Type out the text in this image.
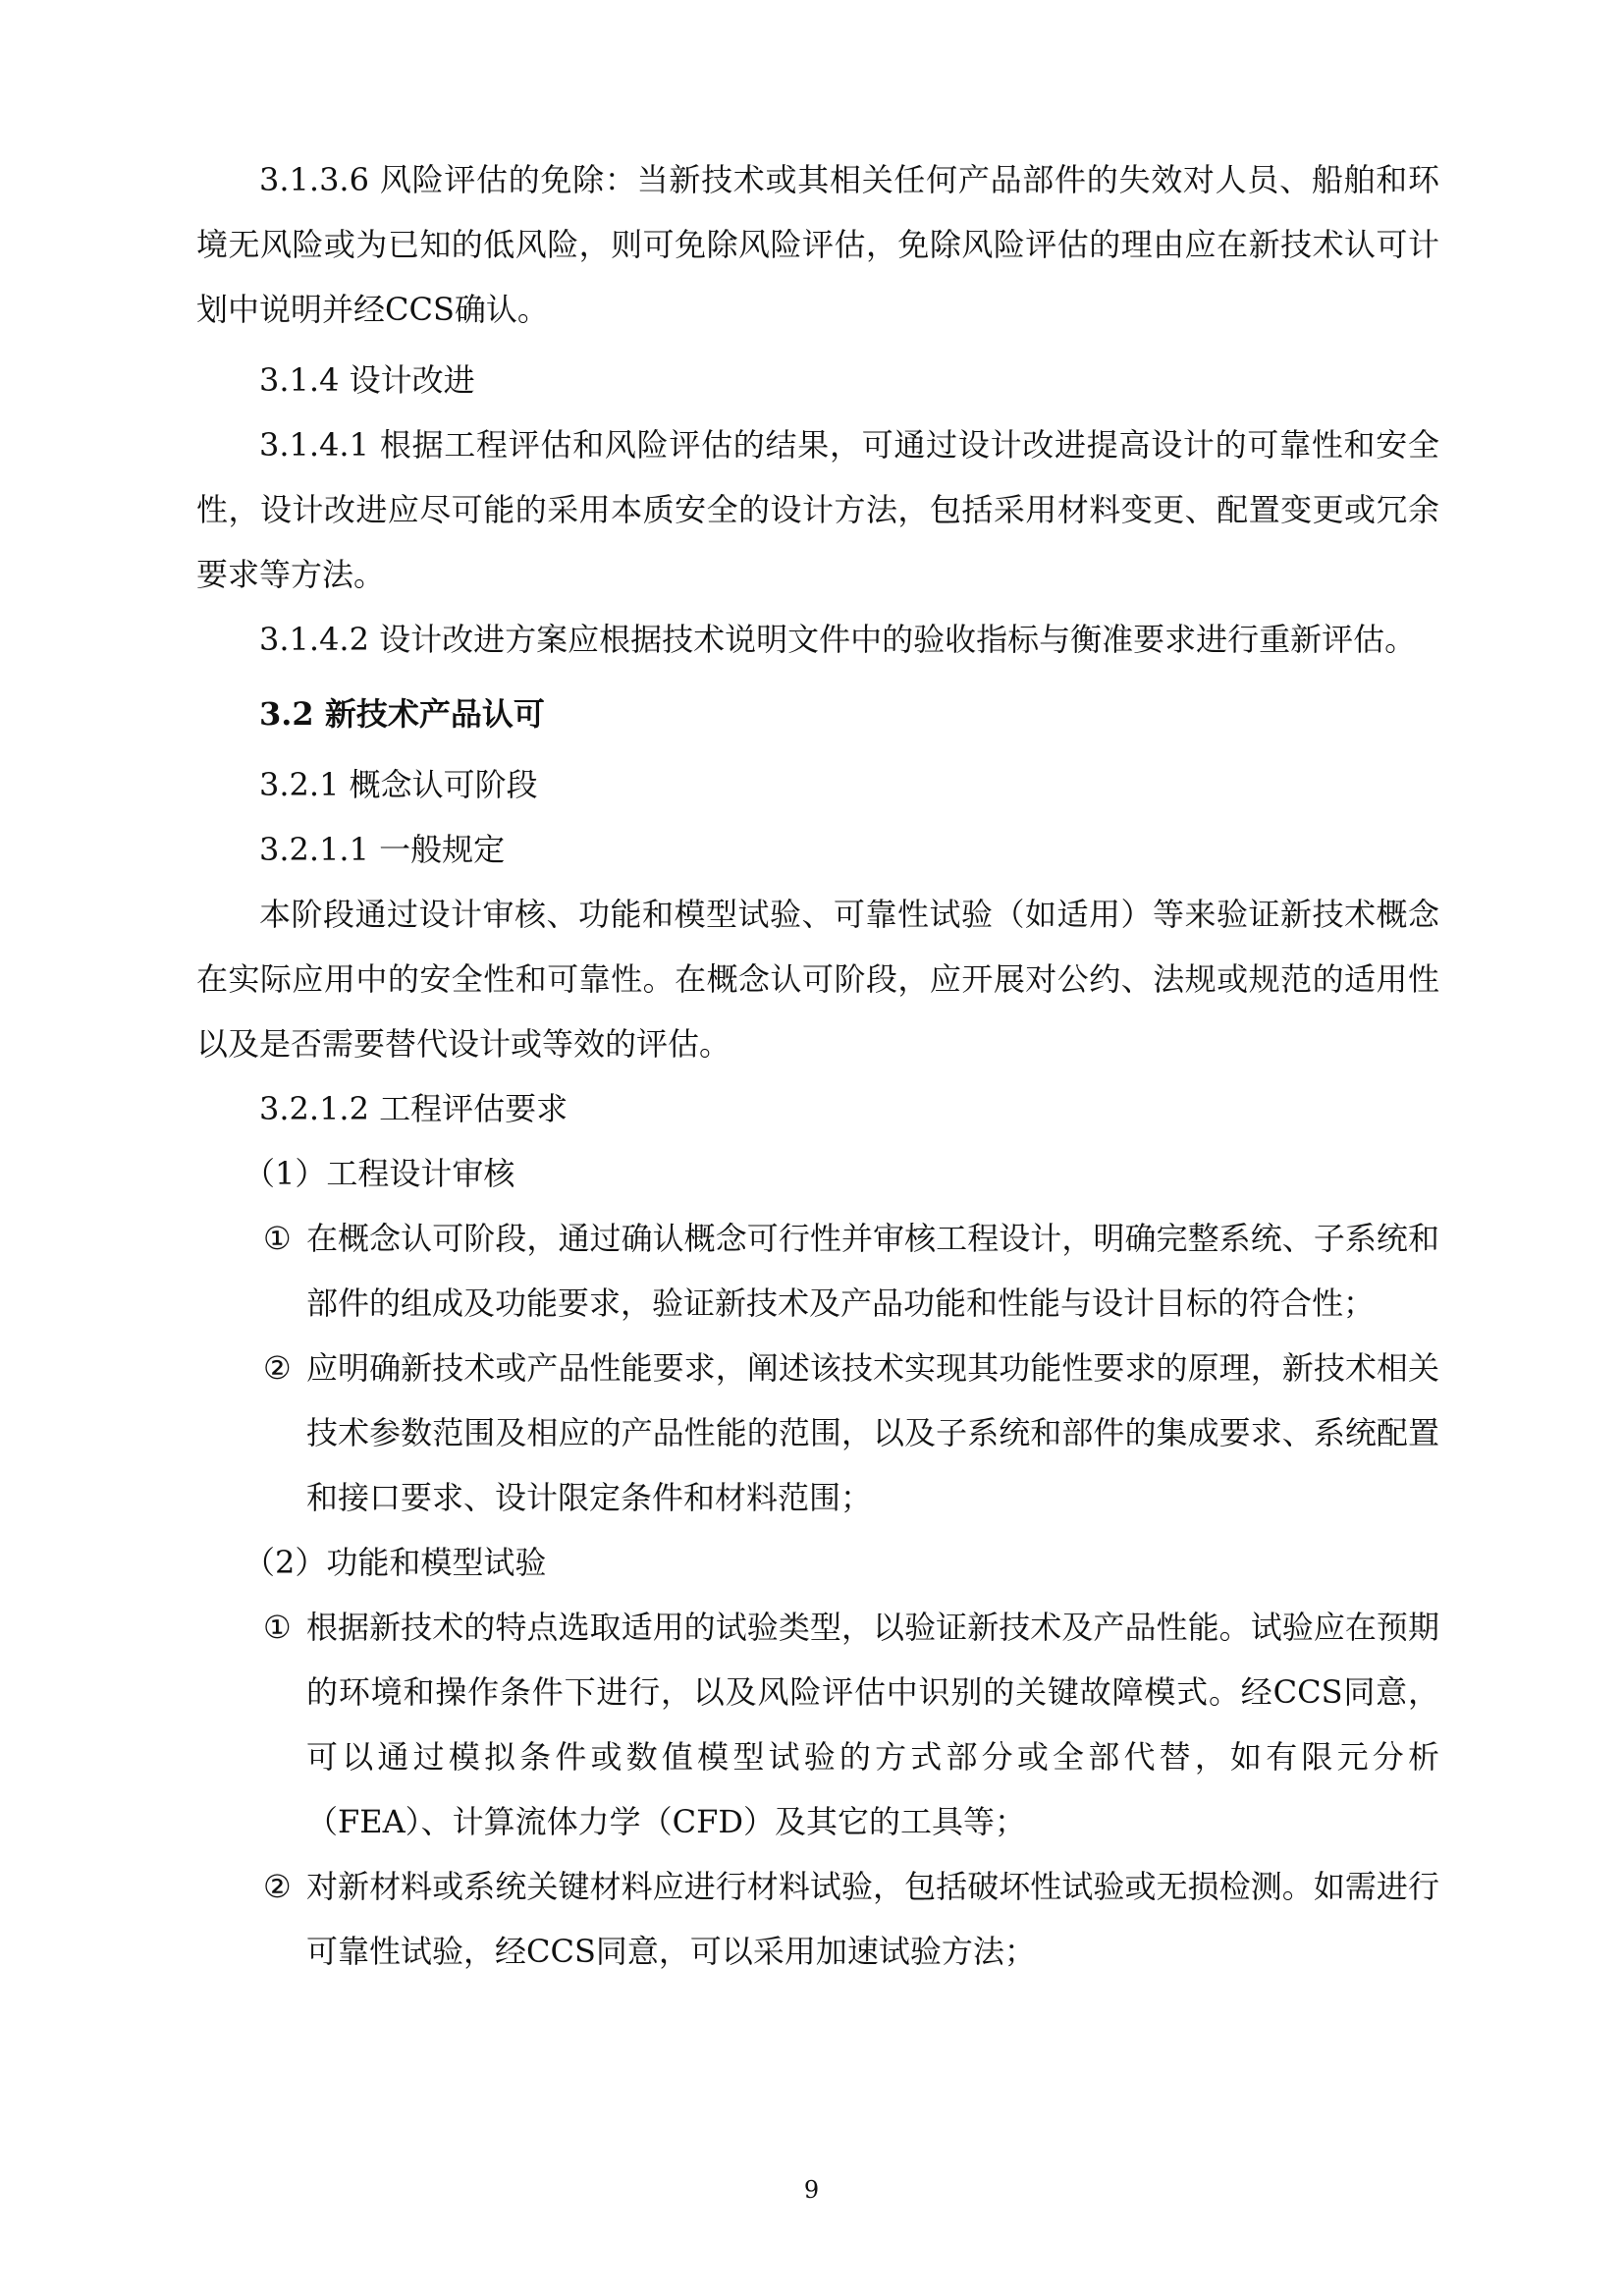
3.1.3.6 风险评估的免除：当新技术或其相关任何产品部件的失效对人员、船舶和环境无风险或为已知的低风险，则可免除风险评估，免除风险评估的理由应在新技术认可计划中说明并经CCS确认。

3.1.4 设计改进

3.1.4.1 根据工程评估和风险评估的结果，可通过设计改进提高设计的可靠性和安全性，设计改进应尽可能的采用本质安全的设计方法，包括采用材料变更、配置变更或冗余要求等方法。

3.1.4.2 设计改进方案应根据技术说明文件中的验收指标与衡准要求进行重新评估。

3.2 新技术产品认可

3.2.1 概念认可阶段

3.2.1.1 一般规定

本阶段通过设计审核、功能和模型试验、可靠性试验（如适用）等来验证新技术概念在实际应用中的安全性和可靠性。在概念认可阶段，应开展对公约、法规或规范的适用性以及是否需要替代设计或等效的评估。

3.2.1.2 工程评估要求

（1）工程设计审核

① 在概念认可阶段，通过确认概念可行性并审核工程设计，明确完整系统、子系统和部件的组成及功能要求，验证新技术及产品功能和性能与设计目标的符合性；

② 应明确新技术或产品性能要求，阐述该技术实现其功能性要求的原理，新技术相关技术参数范围及相应的产品性能的范围，以及子系统和部件的集成要求、系统配置和接口要求、设计限定条件和材料范围；

（2）功能和模型试验

① 根据新技术的特点选取适用的试验类型，以验证新技术及产品性能。试验应在预期的环境和操作条件下进行，以及风险评估中识别的关键故障模式。经CCS同意，可以通过模拟条件或数值模型试验的方式部分或全部代替，如有限元分析（FEA）、计算流体力学（CFD）及其它的工具等；

② 对新材料或系统关键材料应进行材料试验，包括破坏性试验或无损检测。如需进行可靠性试验，经CCS同意，可以采用加速试验方法；

9
